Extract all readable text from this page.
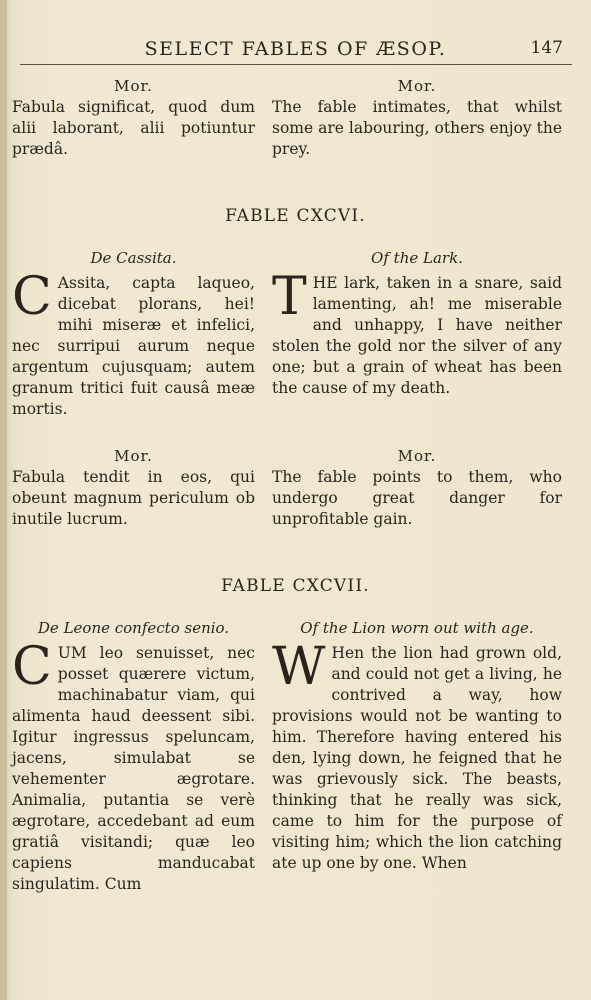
SELECT FABLES OF ÆSOP.	147
Mor.
Fabula significat, quod dum alii laborant, alii potiuntur prædâ.
Mor.
The fable intimates, that whilst some are labouring, others enjoy the prey.
FABLE CXCVI.
De Cassita.
C Assita, capta laqueo, dicebat plorans, hei! mihi miseræ et infelici, nec surripui aurum neque argentum cujusquam; autem granum tritici fuit causâ meæ mortis.
Of the Lark.
THE lark, taken in a snare, said lamenting, ah! me miserable and unhappy, I have neither stolen the gold nor the silver of any one; but a grain of wheat has been the cause of my death.
Mor.
Fabula tendit in eos, qui obeunt magnum periculum ob inutile lucrum.
Mor.
The fable points to them, who undergo great danger for unprofitable gain.
FABLE CXCVII.
De Leone confecto senio.
CUM leo senuisset, nec posset quærere victum, machinabatur viam, qui alimenta haud deessent sibi. Igitur ingressus speluncam, jacens, simulabat se vehementer ægrotare. Animalia, putantia se verè ægrotare, accedebant ad eum gratiâ visitandi; quæ leo capiens manducabat singulatim. Cum
Of the Lion worn out with age.
W Hen the lion had grown old, and could not get a living, he contrived a way, how provisions would not be wanting to him. Therefore having entered his den, lying down, he feigned that he was grievously sick. The beasts, thinking that he really was sick, came to him for the purpose of visiting him; which the lion catching ate up one by one. When
